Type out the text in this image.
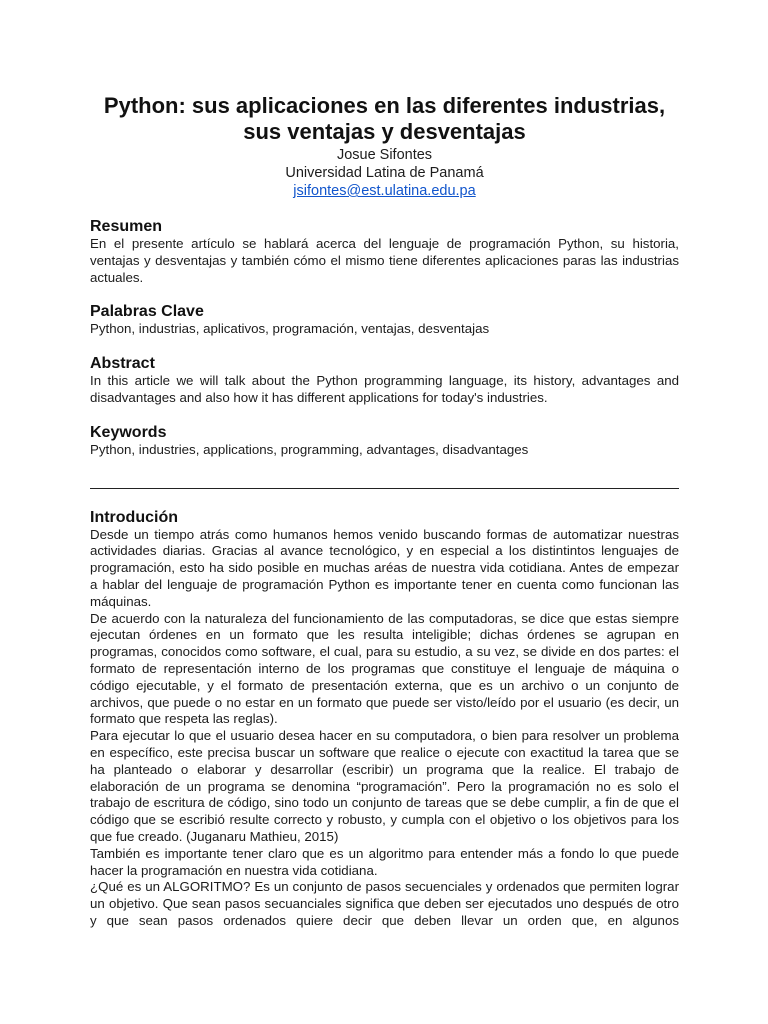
Python: sus aplicaciones en las diferentes industrias,

sus ventajas y desventajas

Josue Sifontes

Universidad Latina de Panamá

jsifontes@est.ulatina.edu.pa

Resumen

En el presente artículo se hablará acerca del lenguaje de programación Python, su historia, ventajas y desventajas y también cómo el mismo tiene diferentes aplicaciones paras las industrias actuales.

Palabras Clave

Python, industrias, aplicativos, programación, ventajas, desventajas

Abstract

In this article we will talk about the Python programming language, its history, advantages and disadvantages and also how it has different applications for today's industries.

Keywords

Python, industries, applications, programming, advantages, disadvantages

Introdución

Desde un tiempo atrás como humanos hemos venido buscando formas de automatizar nuestras actividades diarias. Gracias al avance tecnológico, y en especial a los distintintos lenguajes de programación, esto ha sido posible en muchas aréas de nuestra vida cotidiana. Antes de empezar a hablar del lenguaje de programación Python es importante tener en cuenta como funcionan las máquinas.

De acuerdo con la naturaleza del funcionamiento de las computadoras, se dice que estas siempre ejecutan órdenes en un formato que les resulta inteligible; dichas órdenes se agrupan en programas, conocidos como software, el cual, para su estudio, a su vez, se divide en dos partes: el formato de representación interno de los programas que constituye el lenguaje de máquina o código ejecutable, y el formato de presentación externa, que es un archivo o un conjunto de archivos, que puede o no estar en un formato que puede ser visto/leído por el usuario (es decir, un formato que respeta las reglas).

Para ejecutar lo que el usuario desea hacer en su computadora, o bien para resolver un problema en específico, este precisa buscar un software que realice o ejecute con exactitud la tarea que se ha planteado o elaborar y desarrollar (escribir) un programa que la realice. El trabajo de elaboración de un programa se denomina “programación”. Pero la programación no es solo el trabajo de escritura de código, sino todo un conjunto de tareas que se debe cumplir, a fin de que el código que se escribió resulte correcto y robusto, y cumpla con el objetivo o los objetivos para los que fue creado. (Juganaru Mathieu, 2015)

También es importante tener claro que es un algoritmo para entender más a fondo lo que puede hacer la programación en nuestra vida cotidiana.

¿Qué es un ALGORITMO? Es un conjunto de pasos secuenciales y ordenados que permiten lograr un objetivo. Que sean pasos secuanciales significa que deben ser ejecutados uno después de otro y que sean pasos ordenados quiere decir que deben llevar un orden que, en algunos
